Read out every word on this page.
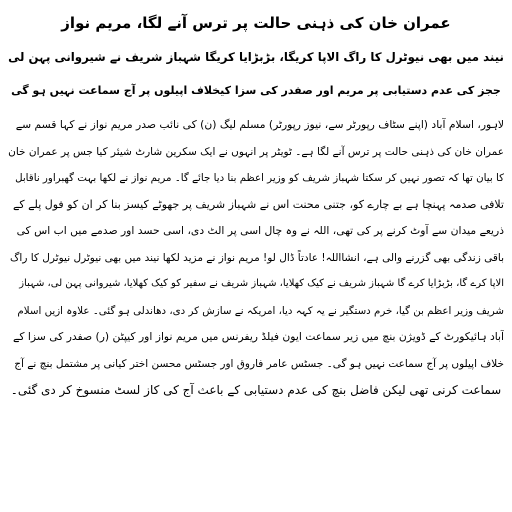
عمران خان کی ذہنی حالت پر ترس آنے لگا، مریم نواز

نیند میں بھی نیوٹرل کا راگ الاپا کریگا، بڑبڑایا کریگا شہباز شریف نے شیروانی پہن لی

ججز کی عدم دستیابی پر مریم اور صفدر کی سزا کیخلاف اپیلوں پر آج سماعت نہیں ہو گی

لاہور، اسلام آباد (اپنے سٹاف رپورٹر سے، نیوز رپورٹر) مسلم لیگ (ن) کی نائب صدر مریم نواز نے کہا قسم سے

عمران خان کی ذہنی حالت پر ترس آنے لگا ہے۔ ٹویٹر پر انہوں نے ایک سکرین شارٹ شیئر کیا جس پر عمران خان

کا بیان تھا کہ تصور نہیں کر سکتا شہباز شریف کو وزیر اعظم بنا دیا جائے گا۔ مریم نواز نے لکھا بہت گھبراور ناقابل

تلافی صدمہ پہنچا ہے بے چارے کو، جتنی محنت اس نے شہباز شریف پر جھوٹے کیسز بنا کر ان کو فول پلے کے

ذریعے میدان سے آوٹ کرنے پر کی تھی، اللہ نے وہ چال اسی پر الٹ دی، اسی حسد اور صدمے میں اب اس کی

باقی زندگی بھی گزرنے والی ہے، انشااللہ! عادتاً ڈال لو! مریم نواز نے مزید لکھا نیند میں بھی نیوٹرل نیوٹرل کا راگ

الاپا کرے گا، بڑبڑایا کرے گا شہباز شریف نے کیک کھلایا، شہباز شریف نے سفیر کو کیک کھلایا، شیروانی پہن لی، شہباز

شریف وزیر اعظم بن گیا، خرم دستگیر نے یہ کہہ دیا، امریکہ نے سازش کر دی، دھاندلی ہو گئی۔ علاوہ ازیں اسلام

آباد ہائیکورٹ کے ڈویژن بنچ میں زیر سماعت ایون فیلڈ ریفرنس میں مریم نواز اور کیپٹن (ر) صفدر کی سزا کے

خلاف اپیلوں پر آج سماعت نہیں ہو گی۔ جسٹس عامر فاروق اور جسٹس محسن اختر کیانی پر مشتمل بنچ نے آج

سماعت کرنی تھی لیکن فاضل بنچ کی عدم دستیابی کے باعث آج کی کاز لسٹ منسوخ کر دی گئی۔
